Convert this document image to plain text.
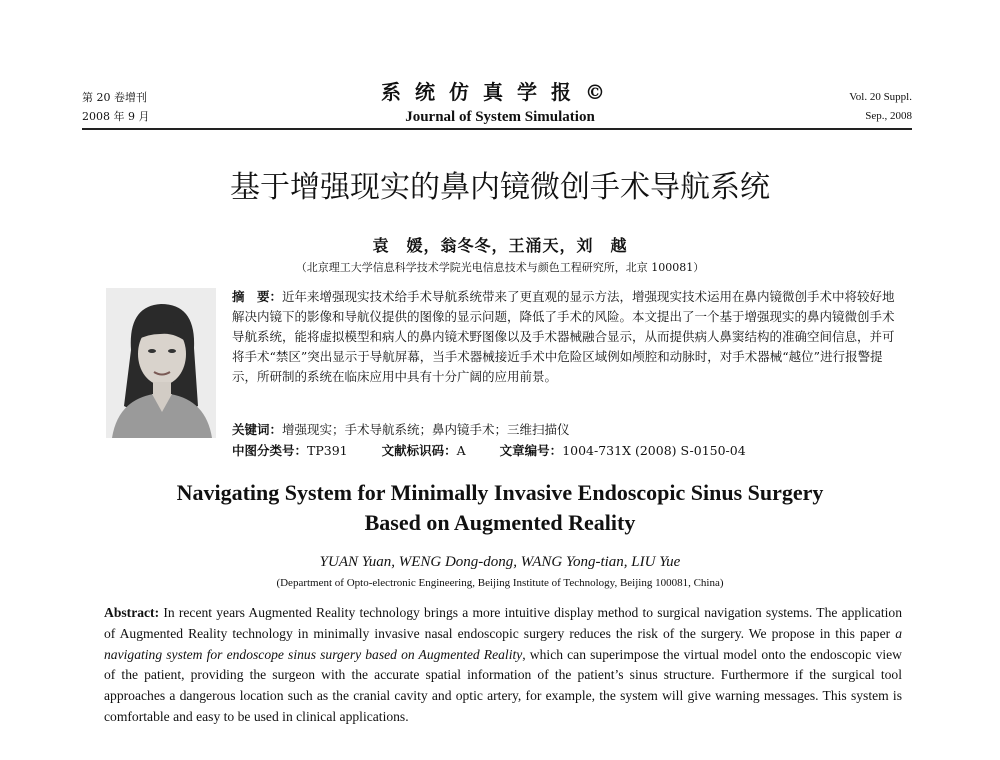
第 20 卷增刊
2008 年 9 月
系统仿真学报©
Journal of System Simulation
Vol. 20 Suppl.
Sep., 2008
基于增强现实的鼻内镜微创手术导航系统
袁　媛，翁冬冬，王涌天，刘　越
（北京理工大学信息科学技术学院光电信息技术与颜色工程研究所，北京 100081）
摘　要：近年来增强现实技术给手术导航系统带来了更直观的显示方法，增强现实技术运用在鼻内镜微创手术中将较好地解决内镜下的影像和导航仪提供的图像的显示问题，降低了手术的风险。本文提出了一个基于增强现实的鼻内镜微创手术导航系统，能将虚拟模型和病人的鼻内镜术野图像以及手术器械融合显示，从而提供病人鼻窦结构的准确空间信息，并可将手术“禁区”突出显示于导航屏幕，当手术器械接近手术中危险区域例如颅腔和动脉时，对手术器械“越位”进行报警提示，所研制的系统在临床应用中具有十分广阔的应用前景。
关键词：增强现实；手术导航系统；鼻内镜手术；三维扫描仪
中图分类号：TP391	文献标识码：A	文章编号：1004-731X (2008) S-0150-04
Navigating System for Minimally Invasive Endoscopic Sinus Surgery
Based on Augmented Reality
YUAN Yuan, WENG Dong-dong, WANG Yong-tian, LIU Yue
(Department of Opto-electronic Engineering, Beijing Institute of Technology, Beijing 100081, China)
Abstract: In recent years Augmented Reality technology brings a more intuitive display method to surgical navigation systems. The application of Augmented Reality technology in minimally invasive nasal endoscopic surgery reduces the risk of the surgery. We propose in this paper a navigating system for endoscope sinus surgery based on Augmented Reality, which can superimpose the virtual model onto the endoscopic view of the patient, providing the surgeon with the accurate spatial information of the patient’s sinus structure. Furthermore if the surgical tool approaches a dangerous location such as the cranial cavity and optic artery, for example, the system will give warning messages. This system is comfortable and easy to be used in clinical applications.
